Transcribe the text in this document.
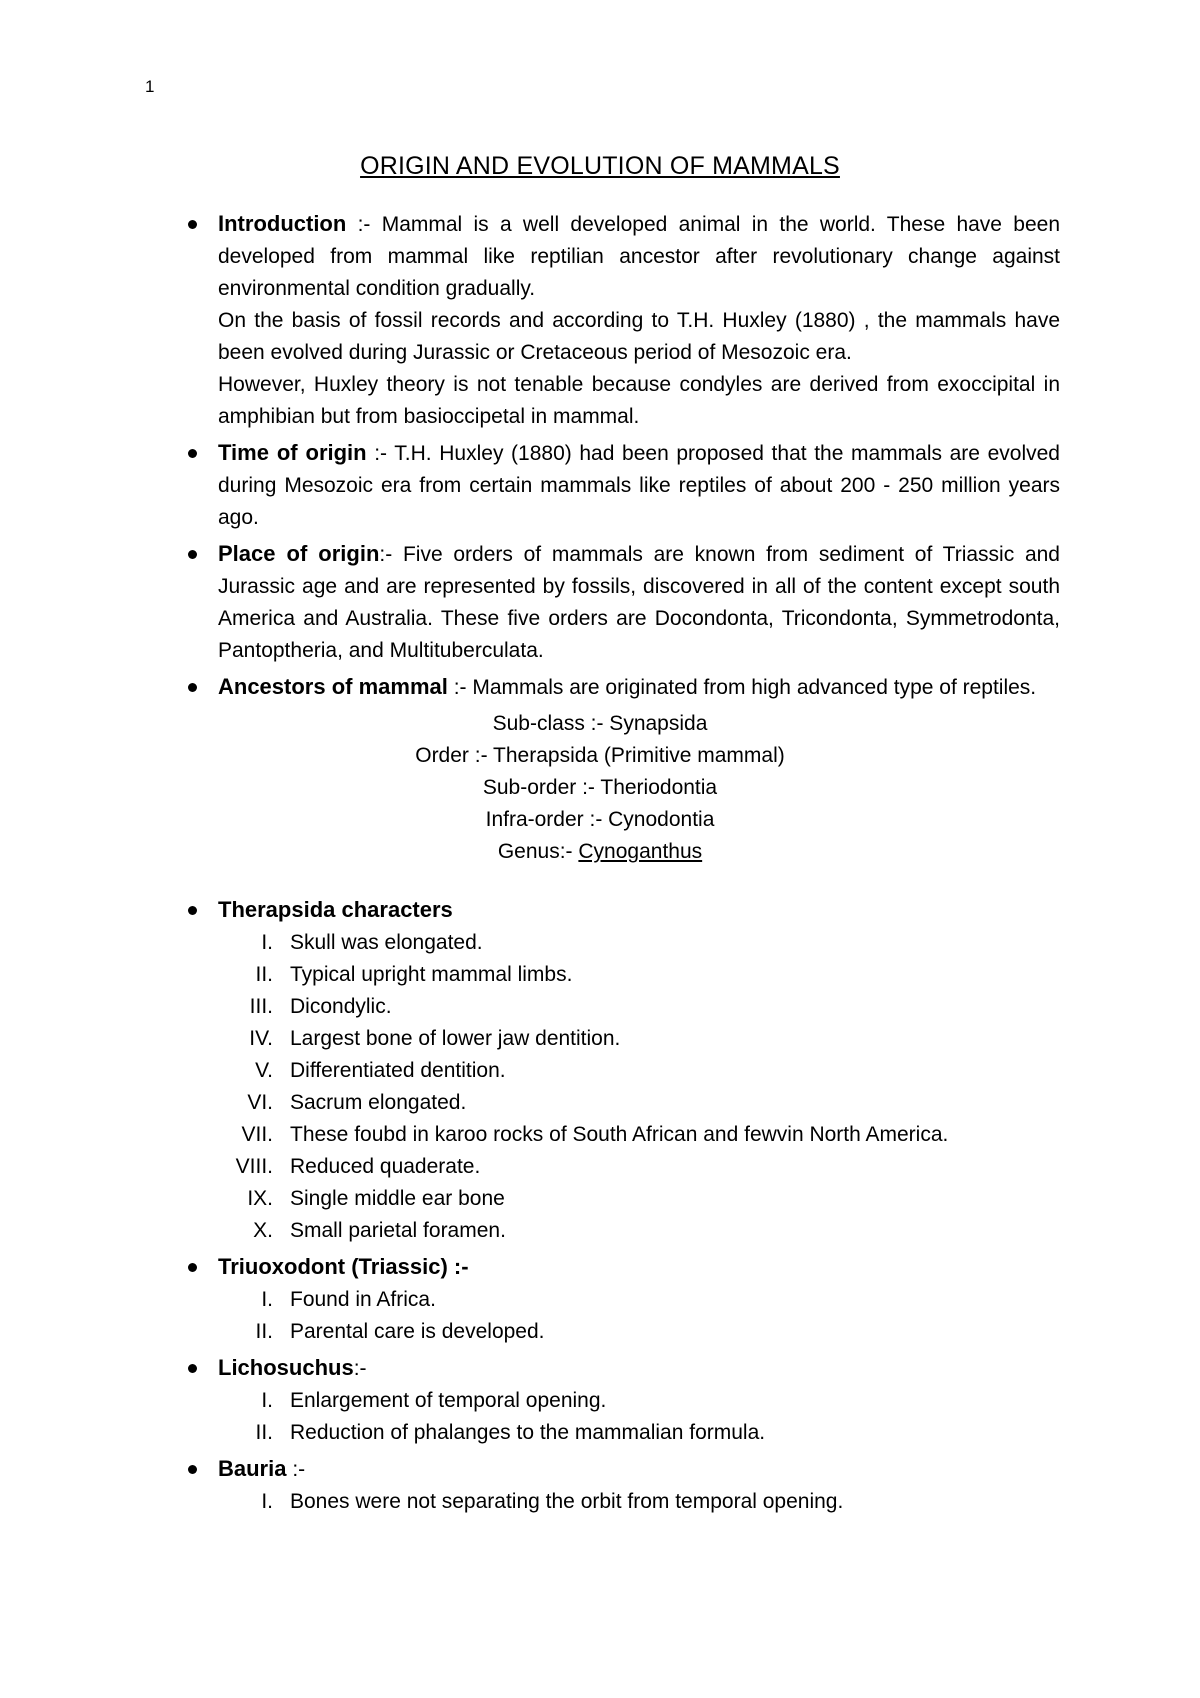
1
ORIGIN AND EVOLUTION OF MAMMALS
Introduction :- Mammal is a well developed animal in the world. These have been developed from mammal like reptilian ancestor after revolutionary change against environmental condition gradually.
On the basis of fossil records and according to T.H. Huxley (1880) , the mammals have been evolved during Jurassic or Cretaceous period of Mesozoic era.
However, Huxley theory is not tenable because condyles are derived from exoccipital in amphibian but from basioccipetal in mammal.
Time of origin :- T.H. Huxley (1880) had been proposed that the mammals are evolved during Mesozoic era from certain mammals like reptiles of about 200 - 250 million years ago.
Place of origin:- Five orders of mammals are known from sediment of Triassic and Jurassic age and are represented by fossils, discovered in all of the content except south America and Australia. These five orders are Docondonta, Tricondonta, Symmetrodonta, Pantoptheria, and Multituberculata.
Ancestors of mammal :- Mammals are originated from high advanced type of reptiles.
Sub-class :- Synapsida
Order :- Therapsida (Primitive mammal)
Sub-order :- Theriodontia
Infra-order :- Cynodontia
Genus:- Cynoganthus
Therapsida characters
I. Skull was elongated.
II. Typical upright mammal limbs.
III. Dicondylic.
IV. Largest bone of lower jaw dentition.
V. Differentiated dentition.
VI. Sacrum elongated.
VII. These foubd in karoo rocks of South African and fewvin North America.
VIII. Reduced quaderate.
IX. Single middle ear bone
X. Small parietal foramen.
Triuoxodont (Triassic) :-
I. Found in Africa.
II. Parental care is developed.
Lichosuchus:-
I. Enlargement of temporal opening.
II. Reduction of phalanges to the mammalian formula.
Bauria :-
I. Bones were not separating the orbit from temporal opening.
